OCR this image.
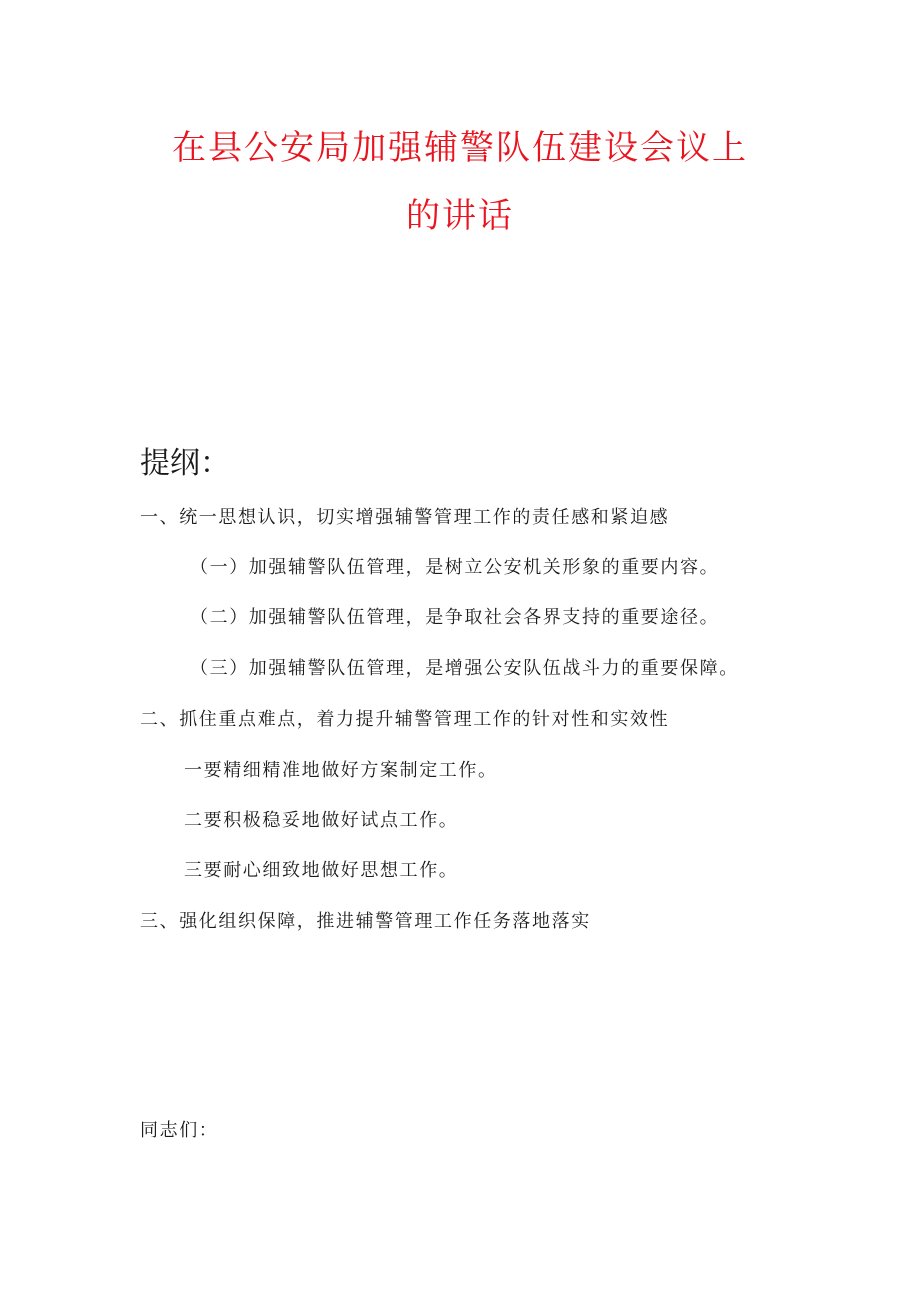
在县公安局加强辅警队伍建设会议上
的讲话
提纲：

一、统一思想认识，切实增强辅警管理工作的责任感和紧迫感

（一）加强辅警队伍管理，是树立公安机关形象的重要内容。

（二）加强辅警队伍管理，是争取社会各界支持的重要途径。

（三）加强辅警队伍管理，是增强公安队伍战斗力的重要保障。

二、抓住重点难点，着力提升辅警管理工作的针对性和实效性

一要精细精准地做好方案制定工作。

二要积极稳妥地做好试点工作。

三要耐心细致地做好思想工作。

三、强化组织保障，推进辅警管理工作任务落地落实

同志们：
